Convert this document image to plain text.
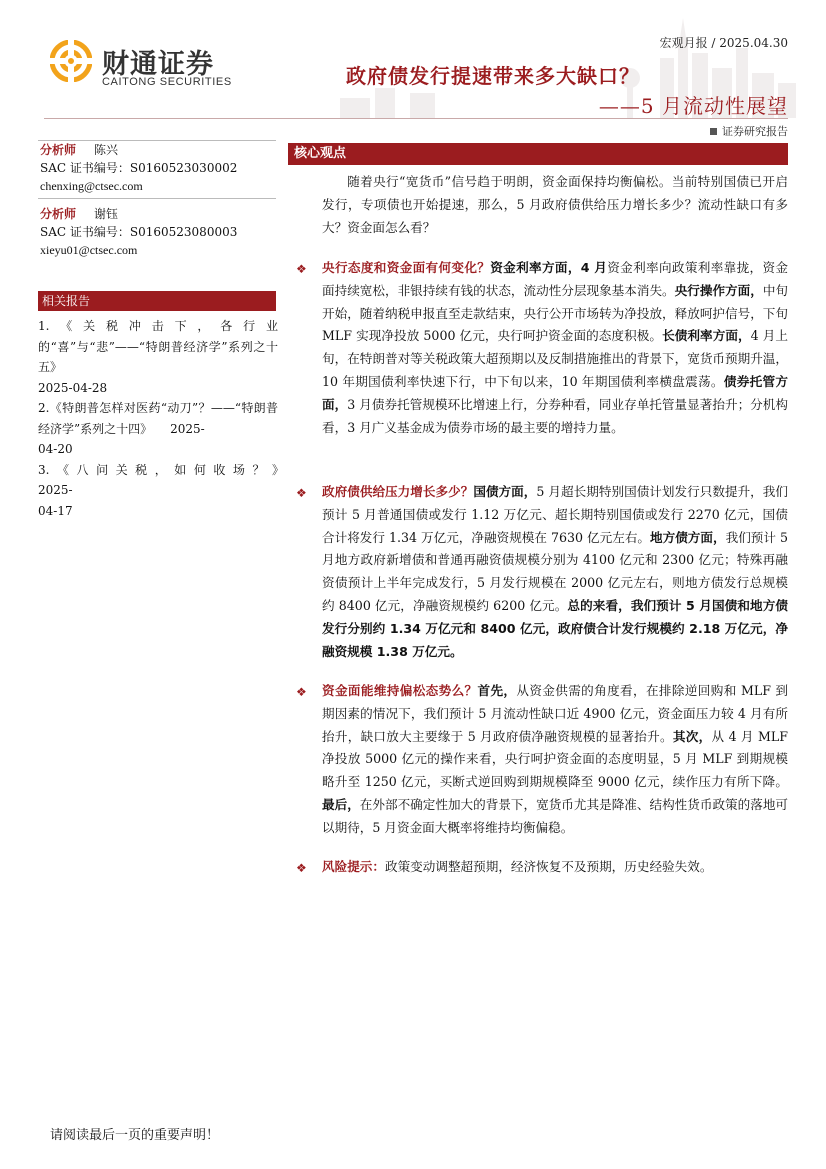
财通证券
CAITONG SECURITIES
宏观月报 / 2025.04.30
政府债发行提速带来多大缺口？
——5 月流动性展望
证券研究报告
分析师 陈兴
SAC 证书编号：S0160523030002
chenxing@ctsec.com
分析师 谢钰
SAC 证书编号：S0160523080003
xieyu01@ctsec.com
相关报告
1.《关税冲击下，各行业的“喜”与“悲”——“特朗普经济学”系列之十五》
2025-04-28
2.《特朗普怎样对医药“动刀”？——“特朗普经济学”系列之十四》　　2025-
04-20
3.《八问关税，如何收场？》　　　　　2025-
04-17
核心观点
随着央行“宽货币”信号趋于明朗，资金面保持均衡偏松。当前特别国债已开启发行，专项债也开始提速，那么，5 月政府债供给压力增长多少？流动性缺口有多大？资金面怎么看？
❖ 央行态度和资金面有何变化？资金利率方面，4 月资金利率向政策利率靠拢，资金面持续宽松，非银持续有钱的状态，流动性分层现象基本消失。央行操作方面，中旬开始，随着纳税申报直至走款结束，央行公开市场转为净投放，释放呵护信号，下旬 MLF 实现净投放 5000 亿元，央行呵护资金面的态度积极。长债利率方面，4 月上旬，在特朗普对等关税政策大超预期以及反制措施推出的背景下，宽货币预期升温，10 年期国债利率快速下行，中下旬以来，10 年期国债利率横盘震荡。债券托管方面，3 月债券托管规模环比增速上行，分券种看，同业存单托管量显著抬升；分机构看，3 月广义基金成为债券市场的最主要的增持力量。
❖ 政府债供给压力增长多少？国债方面，5 月超长期特别国债计划发行只数提升，我们预计 5 月普通国债或发行 1.12 万亿元、超长期特别国债或发行 2270 亿元，国债合计将发行 1.34 万亿元，净融资规模在 7630 亿元左右。地方债方面，我们预计 5 月地方政府新增债和普通再融资债规模分别为 4100 亿元和 2300 亿元；特殊再融资债预计上半年完成发行，5 月发行规模在 2000 亿元左右，则地方债发行总规模约 8400 亿元，净融资规模约 6200 亿元。总的来看，我们预计 5 月国债和地方债发行分别约 1.34 万亿元和 8400 亿元，政府债合计发行规模约 2.18 万亿元，净融资规模 1.38 万亿元。
❖ 资金面能维持偏松态势么？首先，从资金供需的角度看，在排除逆回购和 MLF 到期因素的情况下，我们预计 5 月流动性缺口近 4900 亿元，资金面压力较 4 月有所抬升，缺口放大主要缘于 5 月政府债净融资规模的显著抬升。其次，从 4 月 MLF 净投放 5000 亿元的操作来看，央行呵护资金面的态度明显，5 月 MLF 到期规模略升至 1250 亿元，买断式逆回购到期规模降至 9000 亿元，续作压力有所下降。最后，在外部不确定性加大的背景下，宽货币尤其是降准、结构性货币政策的落地可以期待，5 月资金面大概率将维持均衡偏稳。
❖ 风险提示：政策变动调整超预期，经济恢复不及预期，历史经验失效。
请阅读最后一页的重要声明！
